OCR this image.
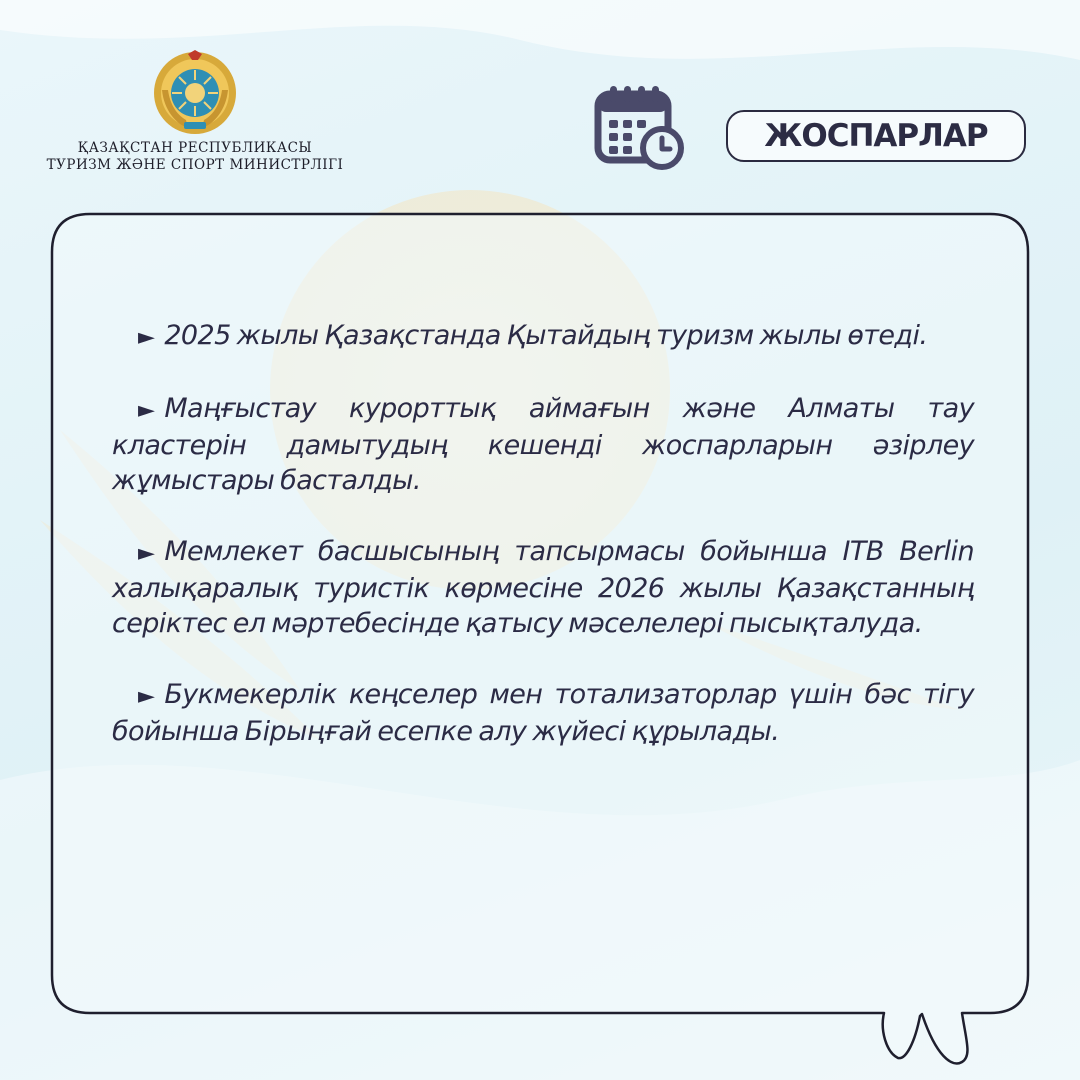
ҚАЗАҚСТАН РЕСПУБЛИКАСЫ
ТУРИЗМ ЖӘНЕ СПОРТ МИНИСТРЛІГІ
ЖОСПАРЛАР

► 2025 жылы Қазақстанда Қытайдың туризм жылы өтеді.

► Маңғыстау курорттық аймағын және Алматы тау кластерін дамытудың кешенді жоспарларын әзірлеу жұмыстары басталды.

► Мемлекет басшысының тапсырмасы бойынша ITB Berlin халықаралық туристік көрмесіне 2026 жылы Қазақстанның серіктес ел мәртебесінде қатысу мәселелері пысықталуда.

► Букмекерлік кеңселер мен тотализаторлар үшін бәс тігу бойынша Бірыңғай есепке алу жүйесі құрылады.
